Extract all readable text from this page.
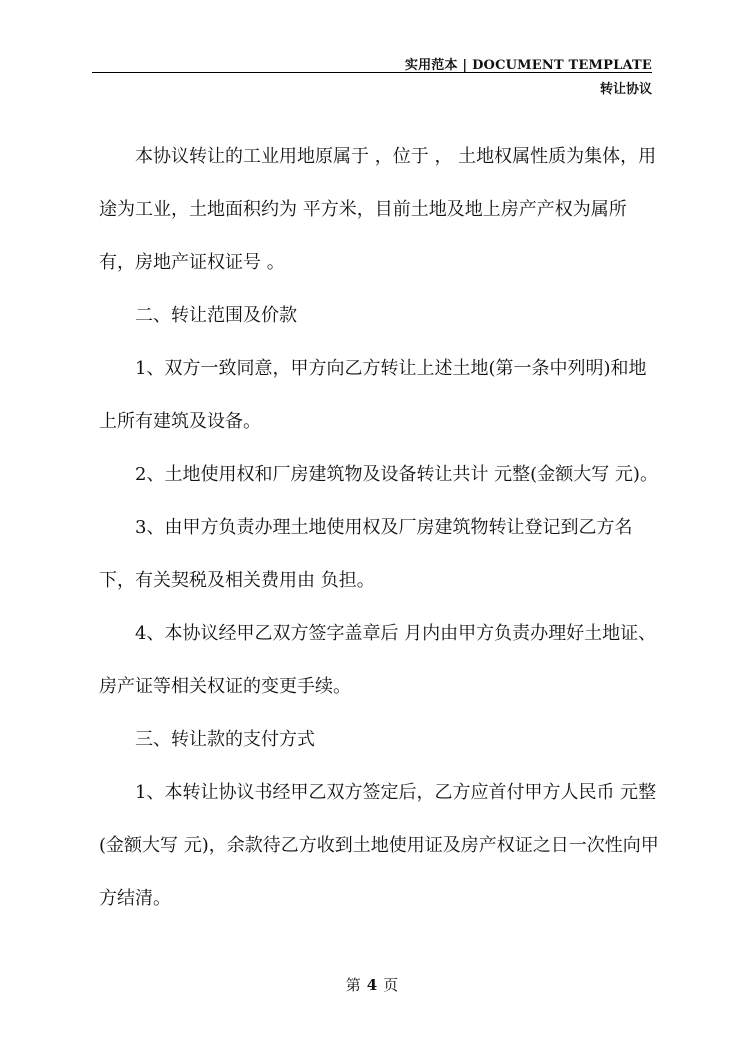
实用范本 | DOCUMENT TEMPLATE
转让协议

本协议转让的工业用地原属于 ，位于 ， 土地权属性质为集体，用途为工业，土地面积约为 平方米，目前土地及地上房产产权为属所有，房地产证权证号 。

二、转让范围及价款

1、双方一致同意，甲方向乙方转让上述土地(第一条中列明)和地上所有建筑及设备。

2、土地使用权和厂房建筑物及设备转让共计 元整(金额大写 元)。

3、由甲方负责办理土地使用权及厂房建筑物转让登记到乙方名下，有关契税及相关费用由 负担。

4、本协议经甲乙双方签字盖章后 月内由甲方负责办理好土地证、房产证等相关权证的变更手续。

三、转让款的支付方式

1、本转让协议书经甲乙双方签定后，乙方应首付甲方人民币 元整(金额大写 元)，余款待乙方收到土地使用证及房产权证之日一次性向甲方结清。

第 4 页
